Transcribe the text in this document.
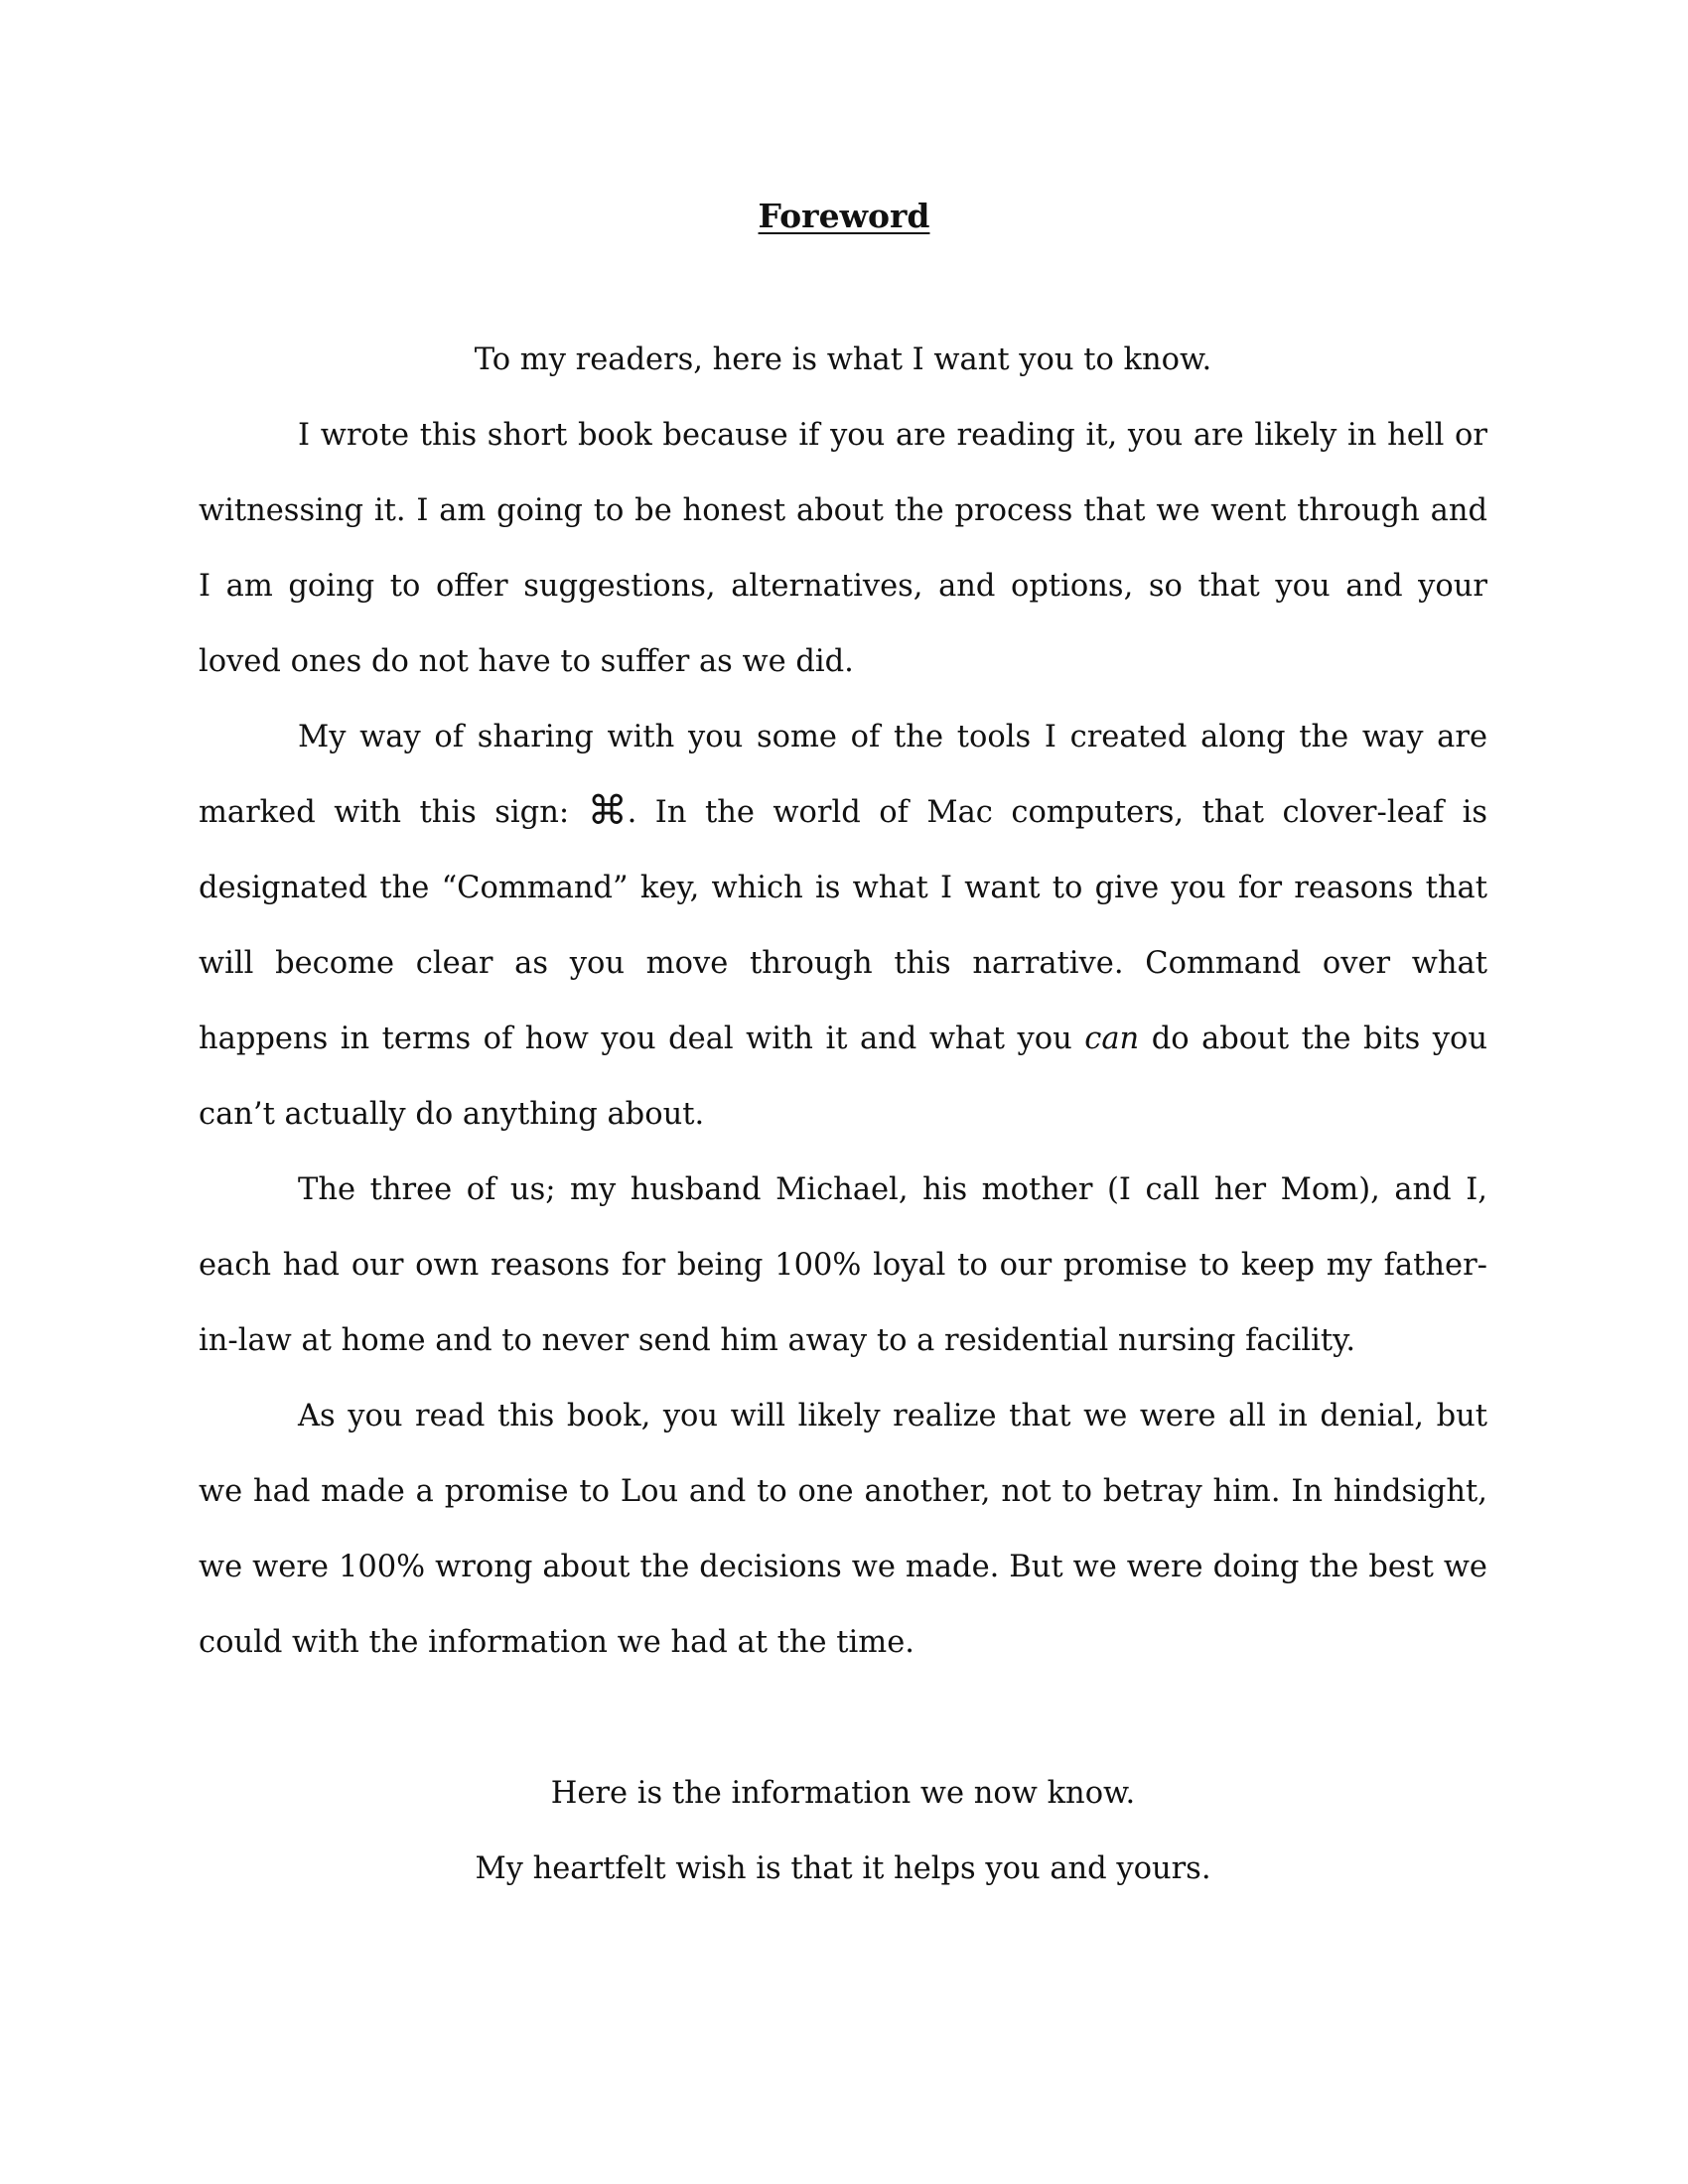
Foreword

To my readers, here is what I want you to know.

I wrote this short book because if you are reading it, you are likely in hell or witnessing it. I am going to be honest about the process that we went through and I am going to offer suggestions, alternatives, and options, so that you and your loved ones do not have to suffer as we did.

My way of sharing with you some of the tools I created along the way are marked with this sign: ⌘. In the world of Mac computers, that clover-leaf is designated the “Command” key, which is what I want to give you for reasons that will become clear as you move through this narrative. Command over what happens in terms of how you deal with it and what you can do about the bits you can’t actually do anything about.

The three of us; my husband Michael, his mother (I call her Mom), and I, each had our own reasons for being 100% loyal to our promise to keep my father-in-law at home and to never send him away to a residential nursing facility.

As you read this book, you will likely realize that we were all in denial, but we had made a promise to Lou and to one another, not to betray him. In hindsight, we were 100% wrong about the decisions we made. But we were doing the best we could with the information we had at the time.

Here is the information we now know.

My heartfelt wish is that it helps you and yours.
